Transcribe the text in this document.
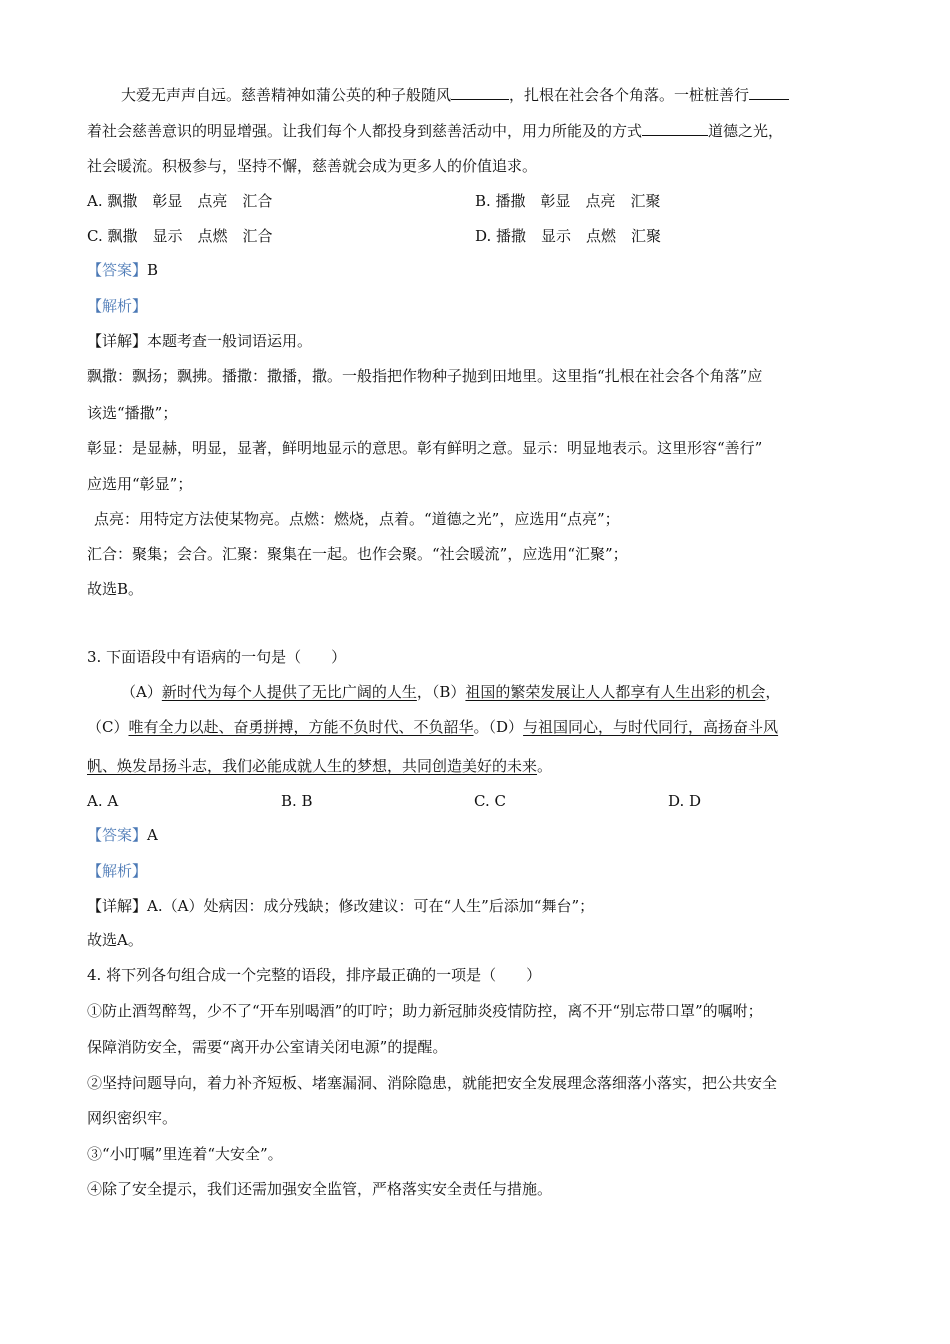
大爱无声声自远。慈善精神如蒲公英的种子般随风	，扎根在社会各个角落。一桩桩善行
着社会慈善意识的明显增强。让我们每个人都投身到慈善活动中，用力所能及的方式	道德之光，
社会暖流。积极参与，坚持不懈，慈善就会成为更多人的价值追求。
A. 飘撒　彰显　点亮　汇合	B. 播撒　彰显　点亮　汇聚
C. 飘撒　显示　点燃　汇合	D. 播撒　显示　点燃　汇聚
【答案】B
【解析】
【详解】本题考查一般词语运用。
飘撒：飘扬；飘拂。播撒：撒播，撒。一般指把作物种子抛到田地里。这里指“扎根在社会各个角落”应
该选“播撒”；
彰显：是显赫，明显，显著，鲜明地显示的意思。彰有鲜明之意。显示：明显地表示。这里形容“善行”
应选用“彰显”；
点亮：用特定方法使某物亮。点燃：燃烧，点着。“道德之光”，应选用“点亮”；
汇合：聚集；会合。汇聚：聚集在一起。也作会聚。“社会暖流”，应选用“汇聚”；
故选B。
3. 下面语段中有语病的一句是（　　）
（A）新时代为每个人提供了无比广阔的人生，（B）祖国的繁荣发展让人人都享有人生出彩的机会，
（C）唯有全力以赴、奋勇拼搏，方能不负时代、不负韶华。（D）与祖国同心，与时代同行，高扬奋斗风
帆、焕发昂扬斗志，我们必能成就人生的梦想，共同创造美好的未来。
A. A	B. B	C. C	D. D
【答案】A
【解析】
【详解】A.（A）处病因：成分残缺；修改建议：可在“人生”后添加“舞台”；
故选A。
4. 将下列各句组合成一个完整的语段，排序最正确的一项是（　　）
①防止酒驾醉驾，少不了“开车别喝酒”的叮咛；助力新冠肺炎疫情防控，离不开“别忘带口罩”的嘱咐；
保障消防安全，需要“离开办公室请关闭电源”的提醒。
②坚持问题导向，着力补齐短板、堵塞漏洞、消除隐患，就能把安全发展理念落细落小落实，把公共安全
网织密织牢。
③“小叮嘱”里连着“大安全”。
④除了安全提示，我们还需加强安全监管，严格落实安全责任与措施。
